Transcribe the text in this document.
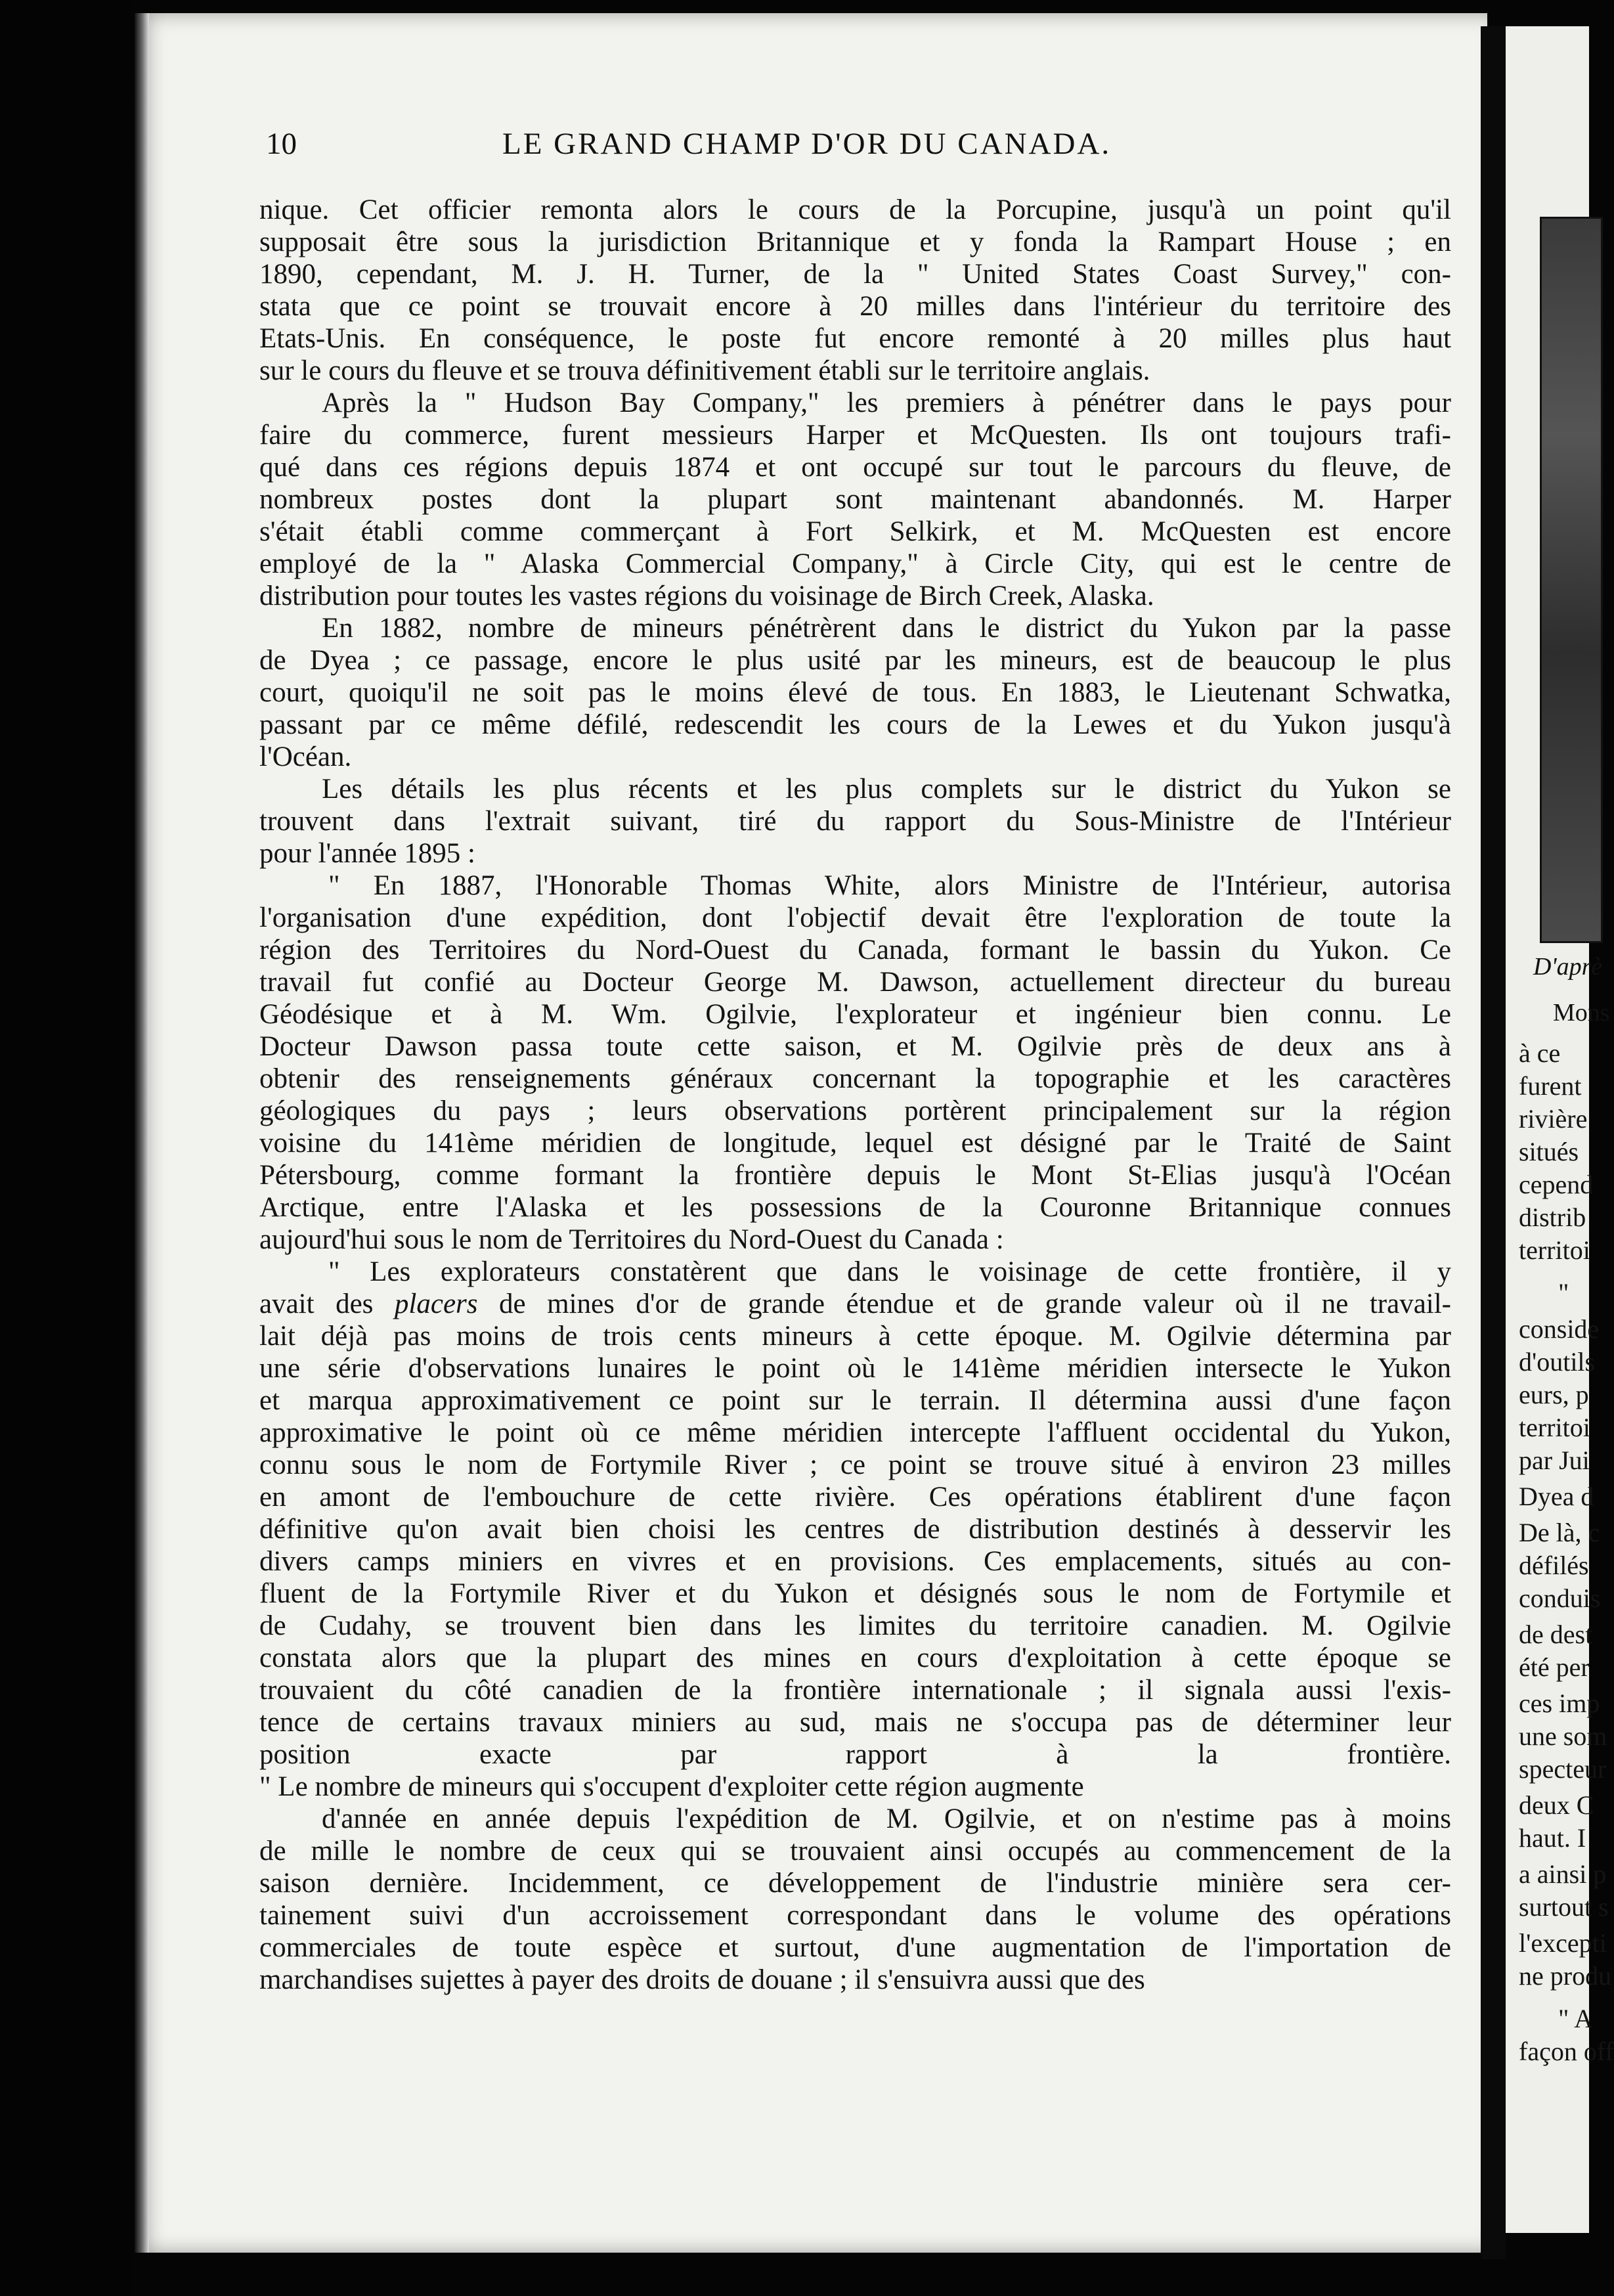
10	LE GRAND CHAMP D'OR DU CANADA.
nique. Cet officier remonta alors le cours de la Porcupine, jusqu'à un point qu'il
supposait être sous la jurisdiction Britannique et y fonda la Rampart House ; en
1890, cependant, M. J. H. Turner, de la " United States Coast Survey," con-
stata que ce point se trouvait encore à 20 milles dans l'intérieur du territoire des
Etats-Unis. En conséquence, le poste fut encore remonté à 20 milles plus haut
sur le cours du fleuve et se trouva définitivement établi sur le territoire anglais.
Après la " Hudson Bay Company," les premiers à pénétrer dans le pays pour
faire du commerce, furent messieurs Harper et McQuesten. Ils ont toujours trafi-
qué dans ces régions depuis 1874 et ont occupé sur tout le parcours du fleuve, de
nombreux postes dont la plupart sont maintenant abandonnés. M. Harper
s'était établi comme commerçant à Fort Selkirk, et M. McQuesten est encore
employé de la " Alaska Commercial Company," à Circle City, qui est le centre de
distribution pour toutes les vastes régions du voisinage de Birch Creek, Alaska.
En 1882, nombre de mineurs pénétrèrent dans le district du Yukon par la passe
de Dyea ; ce passage, encore le plus usité par les mineurs, est de beaucoup le plus
court, quoiqu'il ne soit pas le moins élevé de tous. En 1883, le Lieutenant Schwatka,
passant par ce même défilé, redescendit les cours de la Lewes et du Yukon jusqu'à
l'Océan.
Les détails les plus récents et les plus complets sur le district du Yukon se
trouvent dans l'extrait suivant, tiré du rapport du Sous-Ministre de l'Intérieur
pour l'année 1895 :
" En 1887, l'Honorable Thomas White, alors Ministre de l'Intérieur, autorisa
l'organisation d'une expédition, dont l'objectif devait être l'exploration de toute la
région des Territoires du Nord-Ouest du Canada, formant le bassin du Yukon. Ce
travail fut confié au Docteur George M. Dawson, actuellement directeur du bureau
Géodésique et à M. Wm. Ogilvie, l'explorateur et ingénieur bien connu. Le
Docteur Dawson passa toute cette saison, et M. Ogilvie près de deux ans à
obtenir des renseignements généraux concernant la topographie et les caractères
géologiques du pays ; leurs observations portèrent principalement sur la région
voisine du 141ème méridien de longitude, lequel est désigné par le Traité de Saint
Pétersbourg, comme formant la frontière depuis le Mont St-Elias jusqu'à l'Océan
Arctique, entre l'Alaska et les possessions de la Couronne Britannique connues
aujourd'hui sous le nom de Territoires du Nord-Ouest du Canada :
" Les explorateurs constatèrent que dans le voisinage de cette frontière, il y
avait des placers de mines d'or de grande étendue et de grande valeur où il ne travail-
lait déjà pas moins de trois cents mineurs à cette époque. M. Ogilvie détermina par
une série d'observations lunaires le point où le 141ème méridien intersecte le Yukon
et marqua approximativement ce point sur le terrain. Il détermina aussi d'une façon
approximative le point où ce même méridien intercepte l'affluent occidental du Yukon,
connu sous le nom de Fortymile River ; ce point se trouve situé à environ 23 milles
en amont de l'embouchure de cette rivière. Ces opérations établirent d'une façon
définitive qu'on avait bien choisi les centres de distribution destinés à desservir les
divers camps miniers en vivres et en provisions. Ces emplacements, situés au con-
fluent de la Fortymile River et du Yukon et désignés sous le nom de Fortymile et
de Cudahy, se trouvent bien dans les limites du territoire canadien. M. Ogilvie
constata alors que la plupart des mines en cours d'exploitation à cette époque se
trouvaient du côté canadien de la frontière internationale ; il signala aussi l'exis-
tence de certains travaux miniers au sud, mais ne s'occupa pas de déterminer leur
position exacte par rapport à la frontière.
" Le nombre de mineurs qui s'occupent d'exploiter cette région augmente
d'année en année depuis l'expédition de M. Ogilvie, et on n'estime pas à moins
de mille le nombre de ceux qui se trouvaient ainsi occupés au commencement de la
saison dernière. Incidemment, ce développement de l'industrie minière sera cer-
tainement suivi d'un accroissement correspondant dans le volume des opérations
commerciales de toute espèce et surtout, d'une augmentation de l'importation de
marchandises sujettes à payer des droits de douane ; il s'ensuivra aussi que des
D'aprè
Mons
à ce
furent
rivière
situés
cepend
distrib
territoi
"
conside
d'outils
eurs, p
territoi
par Jui
Dyea d
De là, c
défilés
conduis
de dest
été per
ces imp
une som
specteur
deux C
haut. I
a ainsi p
surtout s
l'excepti
ne produ
" A
façon off
